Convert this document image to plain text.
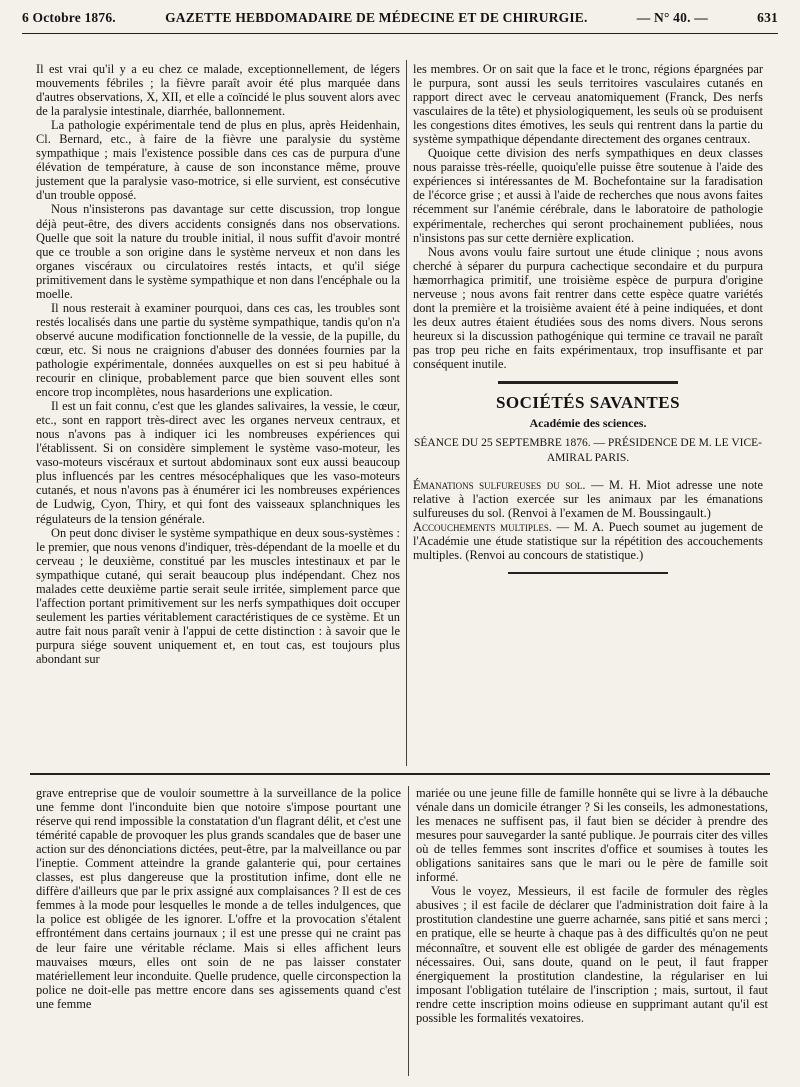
6 Octobre 1876.	GAZETTE HEBDOMADAIRE DE MÉDECINE ET DE CHIRURGIE.	— N° 40. —	631

Il est vrai qu'il y a eu chez ce malade, exceptionnellement, de légers mouvements fébriles ; la fièvre paraît avoir été plus marquée dans d'autres observations, X, XII, et elle a coïncidé le plus souvent alors avec de la paralysie intestinale, diarrhée, ballonnement.

La pathologie expérimentale tend de plus en plus, après Heidenhain, Cl. Bernard, etc., à faire de la fièvre une paralysie du système sympathique ; mais l'existence possible dans ces cas de purpura d'une élévation de température, à cause de son inconstance même, prouve justement que la paralysie vaso-motrice, si elle survient, est consécutive d'un trouble opposé.

Nous n'insisterons pas davantage sur cette discussion, trop longue déjà peut-être, des divers accidents consignés dans nos observations. Quelle que soit la nature du trouble initial, il nous suffit d'avoir montré que ce trouble a son origine dans le système nerveux et non dans les organes viscéraux ou circulatoires restés intacts, et qu'il siége primitivement dans le système sympathique et non dans l'encéphale ou la moelle.

Il nous resterait à examiner pourquoi, dans ces cas, les troubles sont restés localisés dans une partie du système sympathique, tandis qu'on n'a observé aucune modification fonctionnelle de la vessie, de la pupille, du cœur, etc. Si nous ne craignions d'abuser des données fournies par la pathologie expérimentale, données auxquelles on est si peu habitué à recourir en clinique, probablement parce que bien souvent elles sont encore trop incomplètes, nous hasarderions une explication.

Il est un fait connu, c'est que les glandes salivaires, la vessie, le cœur, etc., sont en rapport très-direct avec les organes nerveux centraux, et nous n'avons pas à indiquer ici les nombreuses expériences qui l'établissent. Si on considère simplement le système vaso-moteur, les vaso-moteurs viscéraux et surtout abdominaux sont eux aussi beaucoup plus influencés par les centres mésocéphaliques que les vaso-moteurs cutanés, et nous n'avons pas à énumérer ici les nombreuses expériences de Ludwig, Cyon, Thiry, et qui font des vaisseaux splanchniques les régulateurs de la tension générale.

On peut donc diviser le système sympathique en deux sous-systèmes : le premier, que nous venons d'indiquer, très-dépendant de la moelle et du cerveau ; le deuxième, constitué par les muscles intestinaux et par le sympathique cutané, qui serait beaucoup plus indépendant. Chez nos malades cette deuxième partie serait seule irritée, simplement parce que l'affection portant primitivement sur les nerfs sympathiques doit occuper seulement les parties véritablement caractéristiques de ce système. Et un autre fait nous paraît venir à l'appui de cette distinction : à savoir que le purpura siége souvent uniquement et, en tout cas, est toujours plus abondant sur

les membres. Or on sait que la face et le tronc, régions épargnées par le purpura, sont aussi les seuls territoires vasculaires cutanés en rapport direct avec le cerveau anatomiquement (Franck, Des nerfs vasculaires de la tête) et physiologiquement, les seuls où se produisent les congestions dites émotives, les seuls qui rentrent dans la partie du système sympathique dépendante directement des organes centraux.

Quoique cette division des nerfs sympathiques en deux classes nous paraisse très-réelle, quoiqu'elle puisse être soutenue à l'aide des expériences si intéressantes de M. Bochefontaine sur la faradisation de l'écorce grise ; et aussi à l'aide de recherches que nous avons faites récemment sur l'anémie cérébrale, dans le laboratoire de pathologie expérimentale, recherches qui seront prochainement publiées, nous n'insistons pas sur cette dernière explication.

Nous avons voulu faire surtout une étude clinique ; nous avons cherché à séparer du purpura cachectique secondaire et du purpura hæmorrhagica primitif, une troisième espèce de purpura d'origine nerveuse ; nous avons fait rentrer dans cette espèce quatre variétés dont la première et la troisième avaient été à peine indiquées, et dont les deux autres étaient étudiées sous des noms divers. Nous serons heureux si la discussion pathogénique qui termine ce travail ne paraît pas trop peu riche en faits expérimentaux, trop insuffisante et par conséquent inutile.

SOCIÉTÉS SAVANTES
Académie des sciences.
SÉANCE DU 25 SEPTEMBRE 1876. — PRÉSIDENCE DE M. LE VICE-AMIRAL PARIS.

Émanations sulfureuses du sol. — M. H. Miot adresse une note relative à l'action exercée sur les animaux par les émanations sulfureuses du sol. (Renvoi à l'examen de M. Boussingault.)

Accouchements multiples. — M. A. Puech soumet au jugement de l'Académie une étude statistique sur la répétition des accouchements multiples. (Renvoi au concours de statistique.)

grave entreprise que de vouloir soumettre à la surveillance de la police une femme dont l'inconduite bien que notoire s'impose pourtant une réserve qui rend impossible la constatation d'un flagrant délit, et c'est une témérité capable de provoquer les plus grands scandales que de baser une action sur des dénonciations dictées, peut-être, par la malveillance ou par l'ineptie. Comment atteindre la grande galanterie qui, pour certaines classes, est plus dangereuse que la prostitution infime, dont elle ne diffère d'ailleurs que par le prix assigné aux complaisances ? Il est de ces femmes à la mode pour lesquelles le monde a de telles indulgences, que la police est obligée de les ignorer. L'offre et la provocation s'étalent effrontément dans certains journaux ; il est une presse qui ne craint pas de leur faire une véritable réclame. Mais si elles affichent leurs mauvaises mœurs, elles ont soin de ne pas laisser constater matériellement leur inconduite. Quelle prudence, quelle circonspection la police ne doit-elle pas mettre encore dans ses agissements quand c'est une femme

mariée ou une jeune fille de famille honnête qui se livre à la débauche vénale dans un domicile étranger ? Si les conseils, les admonestations, les menaces ne suffisent pas, il faut bien se décider à prendre des mesures pour sauvegarder la santé publique. Je pourrais citer des villes où de telles femmes sont inscrites d'office et soumises à toutes les obligations sanitaires sans que le mari ou le père de famille soit informé.

Vous le voyez, Messieurs, il est facile de formuler des règles abusives ; il est facile de déclarer que l'administration doit faire à la prostitution clandestine une guerre acharnée, sans pitié et sans merci ; en pratique, elle se heurte à chaque pas à des difficultés qu'on ne peut méconnaître, et souvent elle est obligée de garder des ménagements nécessaires. Oui, sans doute, quand on le peut, il faut frapper énergiquement la prostitution clandestine, la régulariser en lui imposant l'obligation tutélaire de l'inscription ; mais, surtout, il faut rendre cette inscription moins odieuse en supprimant autant qu'il est possible les formalités vexatoires.
